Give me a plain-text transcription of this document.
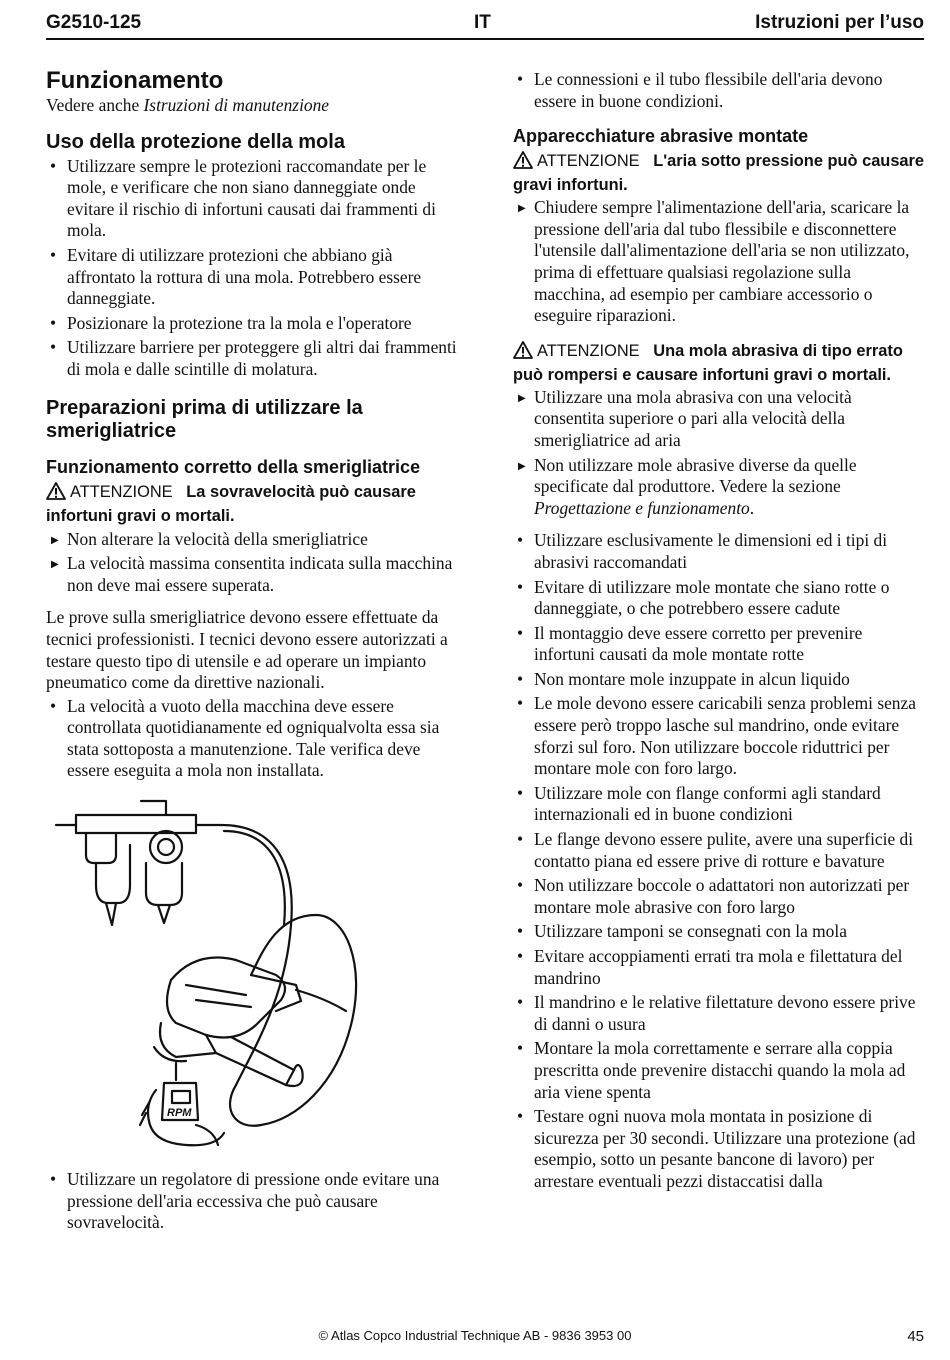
G2510-125	IT	Istruzioni per l’uso
Funzionamento

Vedere anche Istruzioni di manutenzione

Uso della protezione della mola
• Utilizzare sempre le protezioni raccomandate per le mole, e verificare che non siano danneggiate onde evitare il rischio di infortuni causati dai frammenti di mola.
• Evitare di utilizzare protezioni che abbiano già affrontato la rottura di una mola. Potrebbero essere danneggiate.
• Posizionare la protezione tra la mola e l'operatore
• Utilizzare barriere per proteggere gli altri dai frammenti di mola e dalle scintille di molatura.
Preparazioni prima di utilizzare la smerigliatrice
Funzionamento corretto della smerigliatrice
ATTENZIONE La sovravelocità può causare infortuni gravi o mortali.
▶ Non alterare la velocità della smerigliatrice
▶ La velocità massima consentita indicata sulla macchina non deve mai essere superata.

Le prove sulla smerigliatrice devono essere effettuate da tecnici professionisti. I tecnici devono essere autorizzati a testare questo tipo di utensile e ad operare un impianto pneumatico come da direttive nazionali.

• La velocità a vuoto della macchina deve essere controllata quotidianamente ed ogniqualvolta essa sia stata sottoposta a manutenzione. Tale verifica deve essere eseguita a mola non installata.
RPM
• Utilizzare un regolatore di pressione onde evitare una pressione dell'aria eccessiva che può causare sovravelocità.
• Le connessioni e il tubo flessibile dell'aria devono essere in buone condizioni.
Apparecchiature abrasive montate
ATTENZIONE L'aria sotto pressione può causare gravi infortuni.
▶ Chiudere sempre l'alimentazione dell'aria, scaricare la pressione dell'aria dal tubo flessibile e disconnettere l'utensile dall'alimentazione dell'aria se non utilizzato, prima di effettuare qualsiasi regolazione sulla macchina, ad esempio per cambiare accessorio o eseguire riparazioni.
ATTENZIONE Una mola abrasiva di tipo errato può rompersi e causare infortuni gravi o mortali.
▶ Utilizzare una mola abrasiva con una velocità consentita superiore o pari alla velocità della smerigliatrice ad aria
▶ Non utilizzare mole abrasive diverse da quelle specificate dal produttore. Vedere la sezione Progettazione e funzionamento.
• Utilizzare esclusivamente le dimensioni ed i tipi di abrasivi raccomandati
• Evitare di utilizzare mole montate che siano rotte o danneggiate, o che potrebbero essere cadute
• Il montaggio deve essere corretto per prevenire infortuni causati da mole montate rotte
• Non montare mole inzuppate in alcun liquido
• Le mole devono essere caricabili senza problemi senza essere però troppo lasche sul mandrino, onde evitare sforzi sul foro. Non utilizzare boccole riduttrici per montare mole con foro largo.
• Utilizzare mole con flange conformi agli standard internazionali ed in buone condizioni
• Le flange devono essere pulite, avere una superficie di contatto piana ed essere prive di rotture e bavature
• Non utilizzare boccole o adattatori non autorizzati per montare mole abrasive con foro largo
• Utilizzare tamponi se consegnati con la mola
• Evitare accoppiamenti errati tra mola e filettatura del mandrino
• Il mandrino e le relative filettature devono essere prive di danni o usura
• Montare la mola correttamente e serrare alla coppia prescritta onde prevenire distacchi quando la mola ad aria viene spenta
• Testare ogni nuova mola montata in posizione di sicurezza per 30 secondi. Utilizzare una protezione (ad esempio, sotto un pesante bancone di lavoro) per arrestare eventuali pezzi distaccatisi dalla
© Atlas Copco Industrial Technique AB - 9836 3953 00	45
